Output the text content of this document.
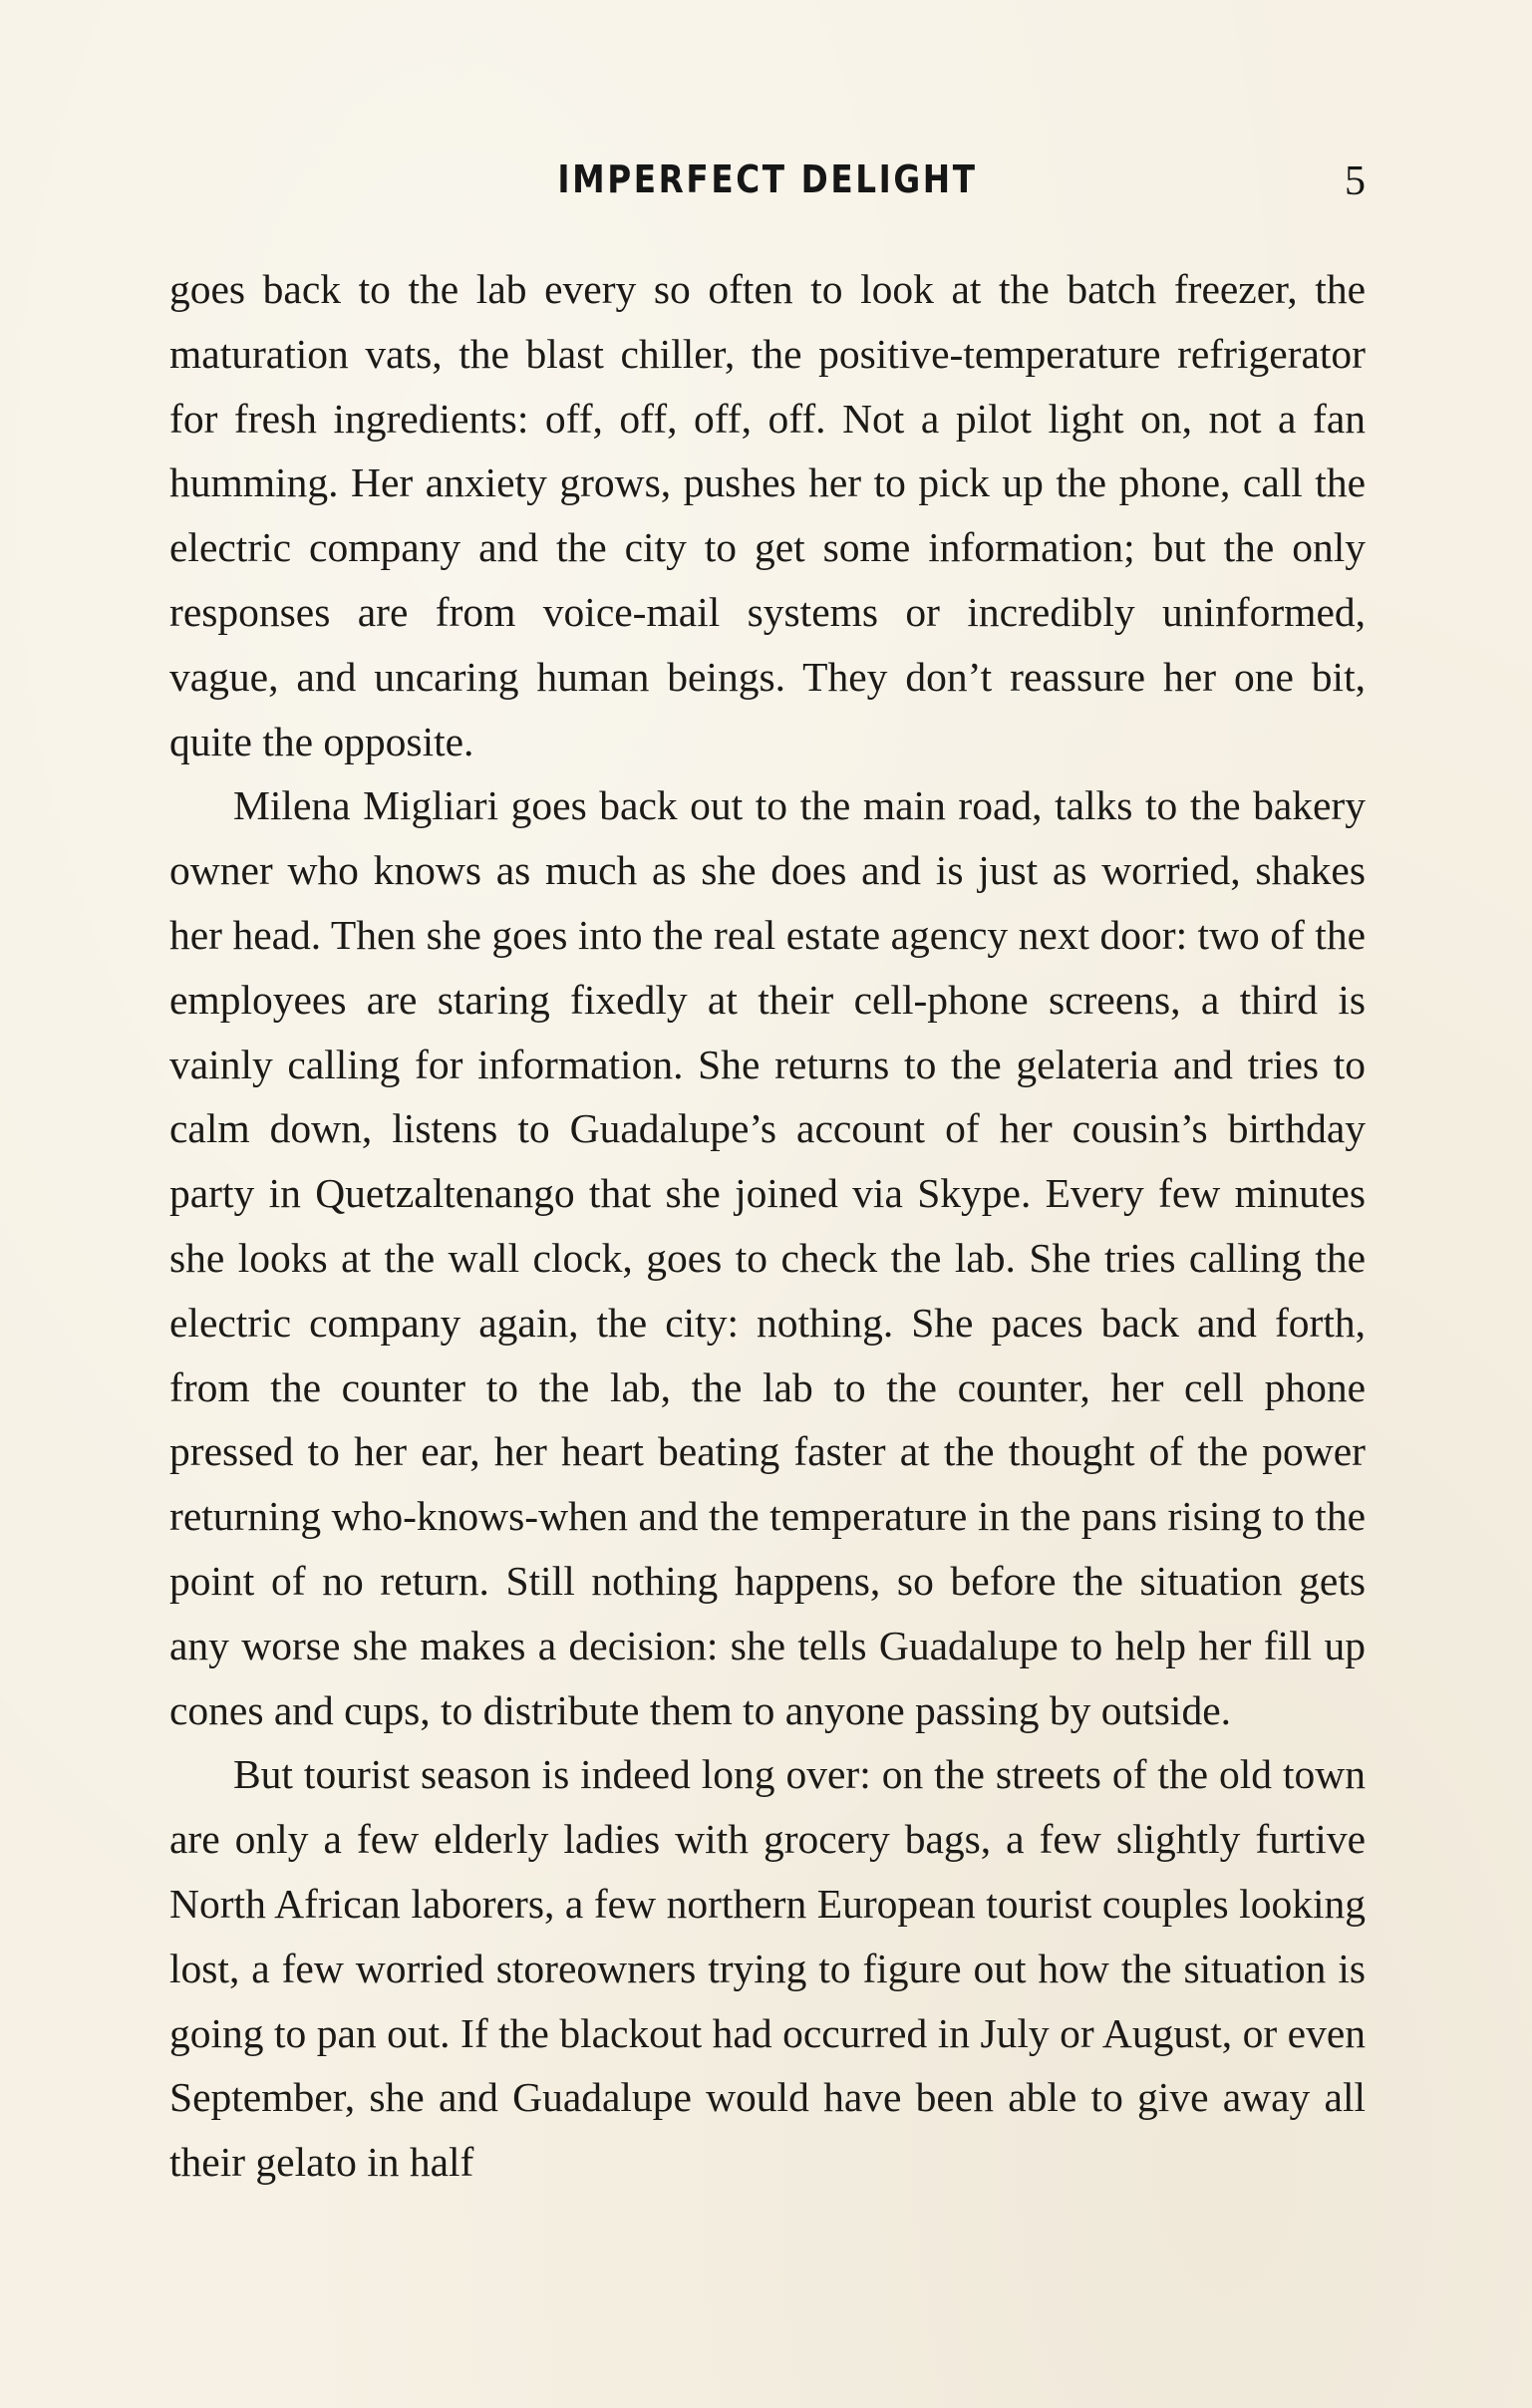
IMPERFECT DELIGHT	5

goes back to the lab every so often to look at the batch freezer, the maturation vats, the blast chiller, the positive-temperature refrigerator for fresh ingredients: off, off, off, off. Not a pilot light on, not a fan humming. Her anxiety grows, pushes her to pick up the phone, call the electric company and the city to get some information; but the only responses are from voice-mail systems or incredibly uninformed, vague, and uncaring human beings. They don’t reassure her one bit, quite the opposite.

Milena Migliari goes back out to the main road, talks to the bakery owner who knows as much as she does and is just as worried, shakes her head. Then she goes into the real estate agency next door: two of the employees are staring fixedly at their cell-phone screens, a third is vainly calling for information. She returns to the gelateria and tries to calm down, listens to Guadalupe’s account of her cousin’s birthday party in Quetzaltenango that she joined via Skype. Every few minutes she looks at the wall clock, goes to check the lab. She tries calling the electric company again, the city: nothing. She paces back and forth, from the counter to the lab, the lab to the counter, her cell phone pressed to her ear, her heart beating faster at the thought of the power returning who-knows-when and the temperature in the pans rising to the point of no return. Still nothing happens, so before the situation gets any worse she makes a decision: she tells Guadalupe to help her fill up cones and cups, to distribute them to anyone passing by outside.

But tourist season is indeed long over: on the streets of the old town are only a few elderly ladies with grocery bags, a few slightly furtive North African laborers, a few northern European tourist couples looking lost, a few worried storeowners trying to figure out how the situation is going to pan out. If the blackout had occurred in July or August, or even September, she and Guadalupe would have been able to give away all their gelato in half
